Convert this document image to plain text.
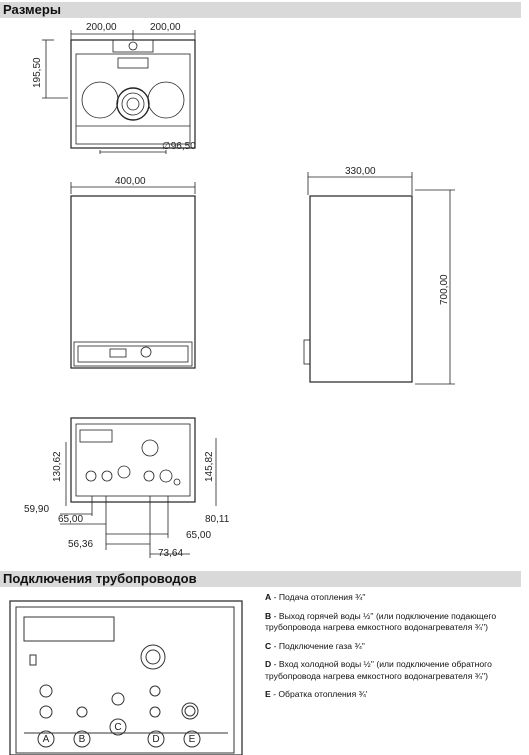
Размеры
200,00	200,00
195,50
∅96,50
400,00
330,00
700,00
130,62	145,82
59,90
65,00	80,11
65,00
56,36
73,64
Подключения трубопроводов
A	B
C
D	E
A - Подача отопления ¾''
B - Выход горячей воды ½'' (или подключение подающего трубопровода нагрева емкостного водонагревателя ¾'')
C - Подключение газа ¾''
D - Вход холодной воды ½'' (или подключение обратного трубопровода нагрева емкостного водонагревателя ¾'')
E - Обратка отопления ¾'
